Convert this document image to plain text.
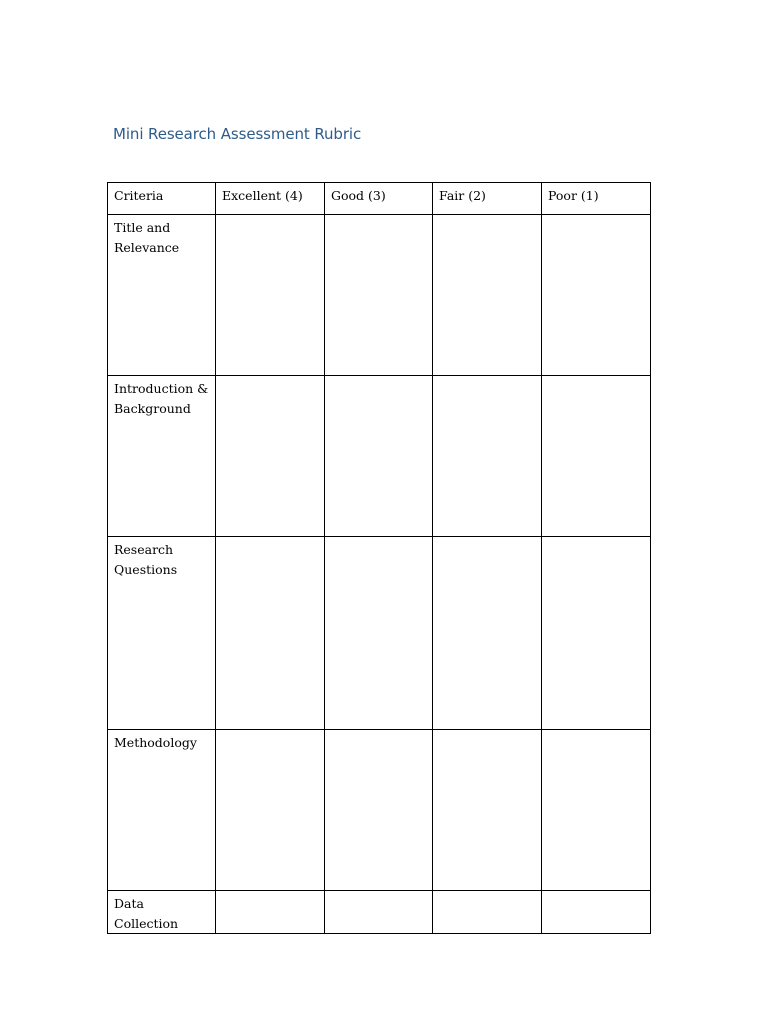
Mini Research Assessment Rubric
Criteria	Excellent (4)	Good (3)	Fair (2)	Poor (1)
Title and Relevance				
Introduction & Background				
Research Questions				
Methodology				
Data Collection				
